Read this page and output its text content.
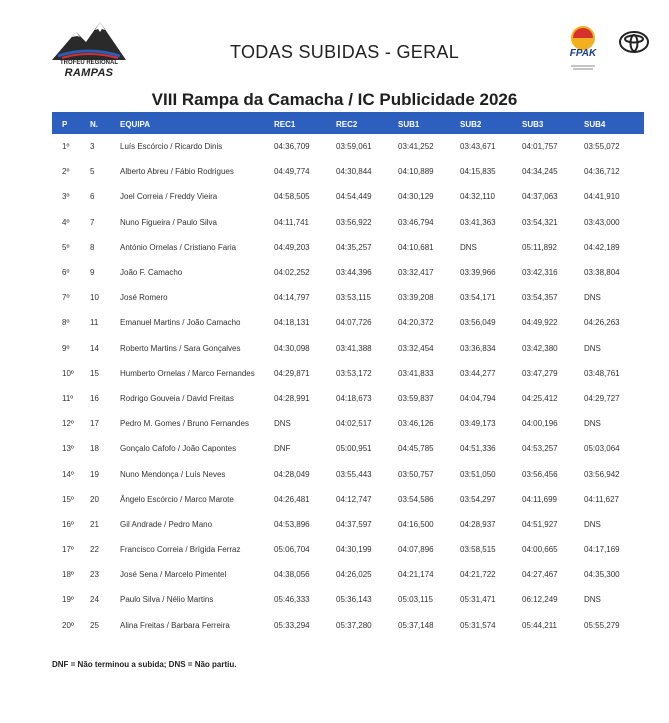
TROFÉU REGIONAL
RAMPAS
TODAS SUBIDAS - GERAL	FPAK
VIII Rampa da Camacha / IC Publicidade 2026
P	N.	EQUIPA	REC1	REC2	SUB1	SUB2	SUB3	SUB4
1º	3	Luís Escórcio / Ricardo Dinis	04:36,709	03:59,061	03:41,252	03:43,671	04:01,757	03:55,072
2º	5	Alberto Abreu / Fábio Rodrigues	04:49,774	04:30,844	04:10,889	04:15,835	04:34,245	04:36,712
3º	6	Joel Correia / Freddy Vieira	04:58,505	04:54,449	04:30,129	04:32,110	04:37,063	04:41,910
4º	7	Nuno Figueira / Paulo Silva	04:11,741	03:56,922	03:46,794	03:41,363	03:54,321	03:43,000
5º	8	António Ornelas / Cristiano Faria	04:49,203	04:35,257	04:10,681	DNS	05:11,892	04:42,189
6º	9	João F. Camacho	04:02,252	03:44,396	03:32,417	03:39,966	03:42,316	03:38,804
7º	10	José Romero	04:14,797	03:53,115	03:39,208	03:54,171	03:54,357	DNS
8º	11	Emanuel Martins / João Camacho	04:18,131	04:07,726	04:20,372	03:56,049	04:49,922	04:26,263
9º	14	Roberto Martins / Sara Gonçalves	04:30,098	03:41,388	03:32,454	03:36,834	03:42,380	DNS
10º	15	Humberto Ornelas / Marco Fernandes	04:29,871	03:53,172	03:41,833	03:44,277	03:47,279	03:48,761
11º	16	Rodrigo Gouveia / David Freitas	04:28,991	04:18,673	03:59,837	04:04,794	04:25,412	04:29,727
12º	17	Pedro M. Gomes / Bruno Fernandes	DNS	04:02,517	03:46,126	03:49,173	04:00,196	DNS
13º	18	Gonçalo Cafofo / João Capontes	DNF	05:00,951	04:45,785	04:51,336	04:53,257	05:03,064
14º	19	Nuno Mendonça / Luís Neves	04:28,049	03:55,443	03:50,757	03:51,050	03:56,456	03:56,942
15º	20	Ângelo Escórcio / Marco Marote	04:26,481	04:12,747	03:54,586	03:54,297	04:11,699	04:11,627
16º	21	Gil Andrade / Pedro Mano	04:53,896	04:37,597	04:16,500	04:28,937	04:51,927	DNS
17º	22	Francisco Correia / Brígida Ferraz	05:06,704	04:30,199	04:07,896	03:58,515	04:00,665	04:17,169
18º	23	José Sena / Marcelo Pimentel	04:38,056	04:26,025	04:21,174	04:21,722	04:27,467	04:35,300
19º	24	Paulo Silva / Nélio Martins	05:46,333	05:36,143	05:03,115	05:31,471	06:12,249	DNS
20º	25	Alina Freitas / Barbara Ferreira	05:33,294	05:37,280	05:37,148	05:31,574	05:44,211	05:55,279
DNF = Não terminou a subida; DNS = Não partiu.
